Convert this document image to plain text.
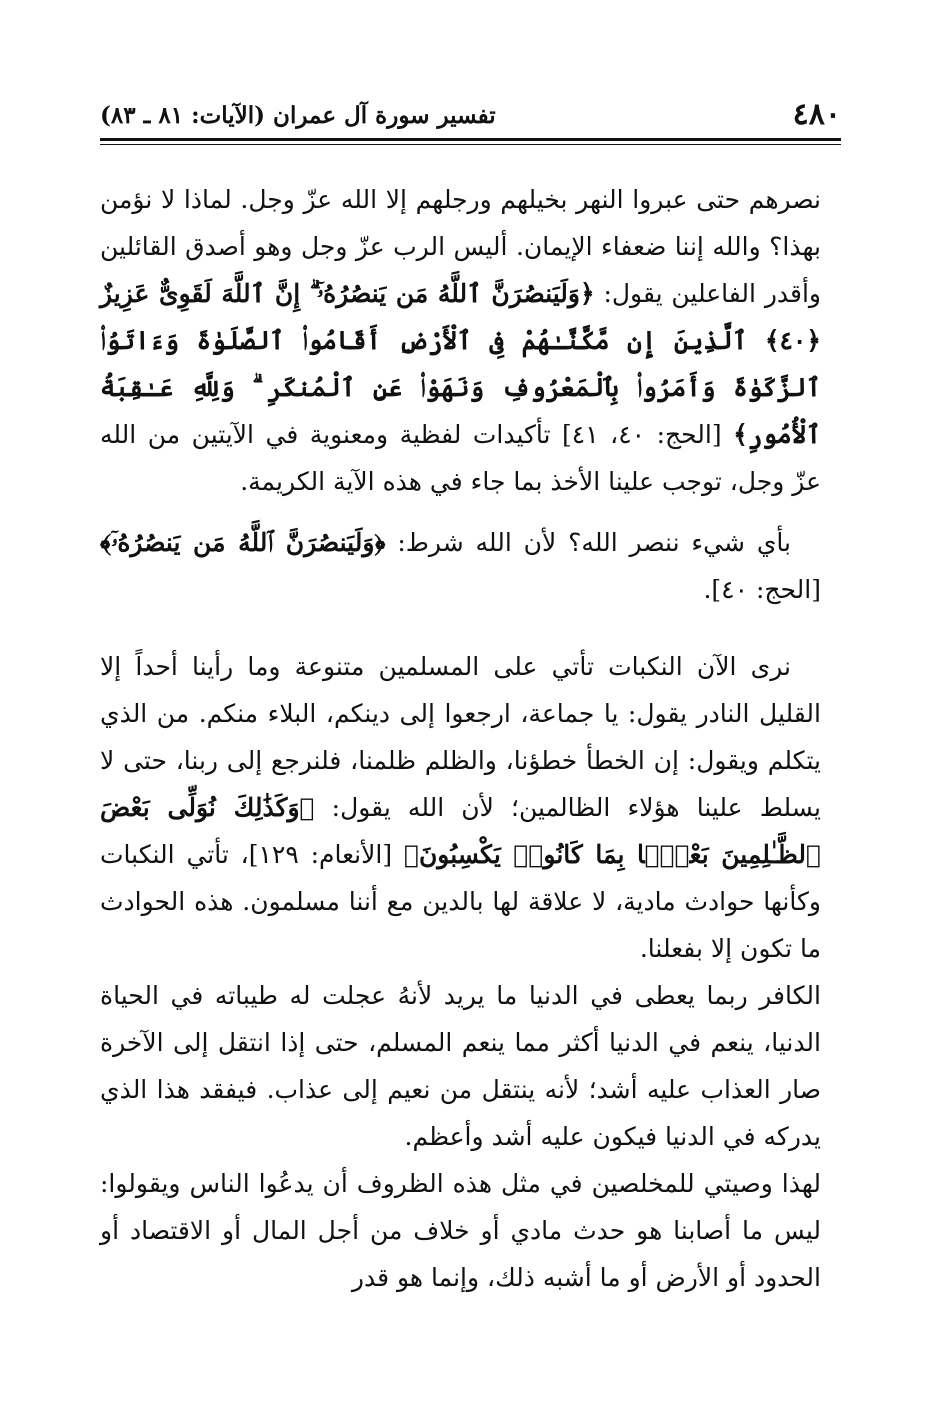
٤٨٠
تفسير سورة آل عمران (الآيات: ٨١ ـ ٨٣)

نصرهم حتى عبروا النهر بخيلهم ورجلهم إلا الله عزّ وجل. لماذا لا نؤمن بهذا؟ والله إننا ضعفاء الإيمان. أليس الرب عزّ وجل وهو أصدق القائلين وأقدر الفاعلين يقول: ﴿وَلَيَنصُرَنَّ ٱللَّهُ مَن يَنصُرُهُۥٓ ۗ إِنَّ ٱللَّهَ لَقَوِىٌّ عَزِيزٌ ﴿٤٠﴾ ٱلَّذِينَ إِن مَّكَّنَّـٰهُمْ فِى ٱلْأَرْضِ أَقَامُوا۟ ٱلصَّلَوٰةَ وَءَاتَوُا۟ ٱلزَّكَوٰةَ وَأَمَرُوا۟ بِٱلْمَعْرُوفِ وَنَهَوْا۟ عَنِ ٱلْمُنكَرِ ۗ وَلِلَّهِ عَـٰقِبَةُ ٱلْأُمُورِ﴾ [الحج: ٤٠، ٤١] تأكيدات لفظية ومعنوية في الآيتين من الله عزّ وجل، توجب علينا الأخذ بما جاء في هذه الآية الكريمة.

بأي شيء ننصر الله؟ لأن الله شرط: ﴿وَلَيَنصُرَنَّ ٱللَّهُ مَن يَنصُرُهُۥٓ﴾ [الحج: ٤٠].

نرى الآن النكبات تأتي على المسلمين متنوعة وما رأينا أحداً إلا القليل النادر يقول: يا جماعة، ارجعوا إلى دينكم، البلاء منكم. من الذي يتكلم ويقول: إن الخطأ خطؤنا، والظلم ظلمنا، فلنرجع إلى ربنا، حتى لا يسلط علينا هؤلاء الظالمين؛ لأن الله يقول: ﴿وَكَذَٰلِكَ نُوَلِّى بَعْضَ ٱلظَّـٰلِمِينَ بَعْضًۢا بِمَا كَانُوا۟ يَكْسِبُونَ﴾ [الأنعام: ١٢٩]، تأتي النكبات وكأنها حوادث مادية، لا علاقة لها بالدين مع أننا مسلمون. هذه الحوادث ما تكون إلا بفعلنا.

الكافر ربما يعطى في الدنيا ما يريد لأنهُ عجلت له طيباته في الحياة الدنيا، ينعم في الدنيا أكثر مما ينعم المسلم، حتى إذا انتقل إلى الآخرة صار العذاب عليه أشد؛ لأنه ينتقل من نعيم إلى عذاب. فيفقد هذا الذي يدركه في الدنيا فيكون عليه أشد وأعظم.

لهذا وصيتي للمخلصين في مثل هذه الظروف أن يدعُوا الناس ويقولوا: ليس ما أصابنا هو حدث مادي أو خلاف من أجل المال أو الاقتصاد أو الحدود أو الأرض أو ما أشبه ذلك، وإنما هو قدر
